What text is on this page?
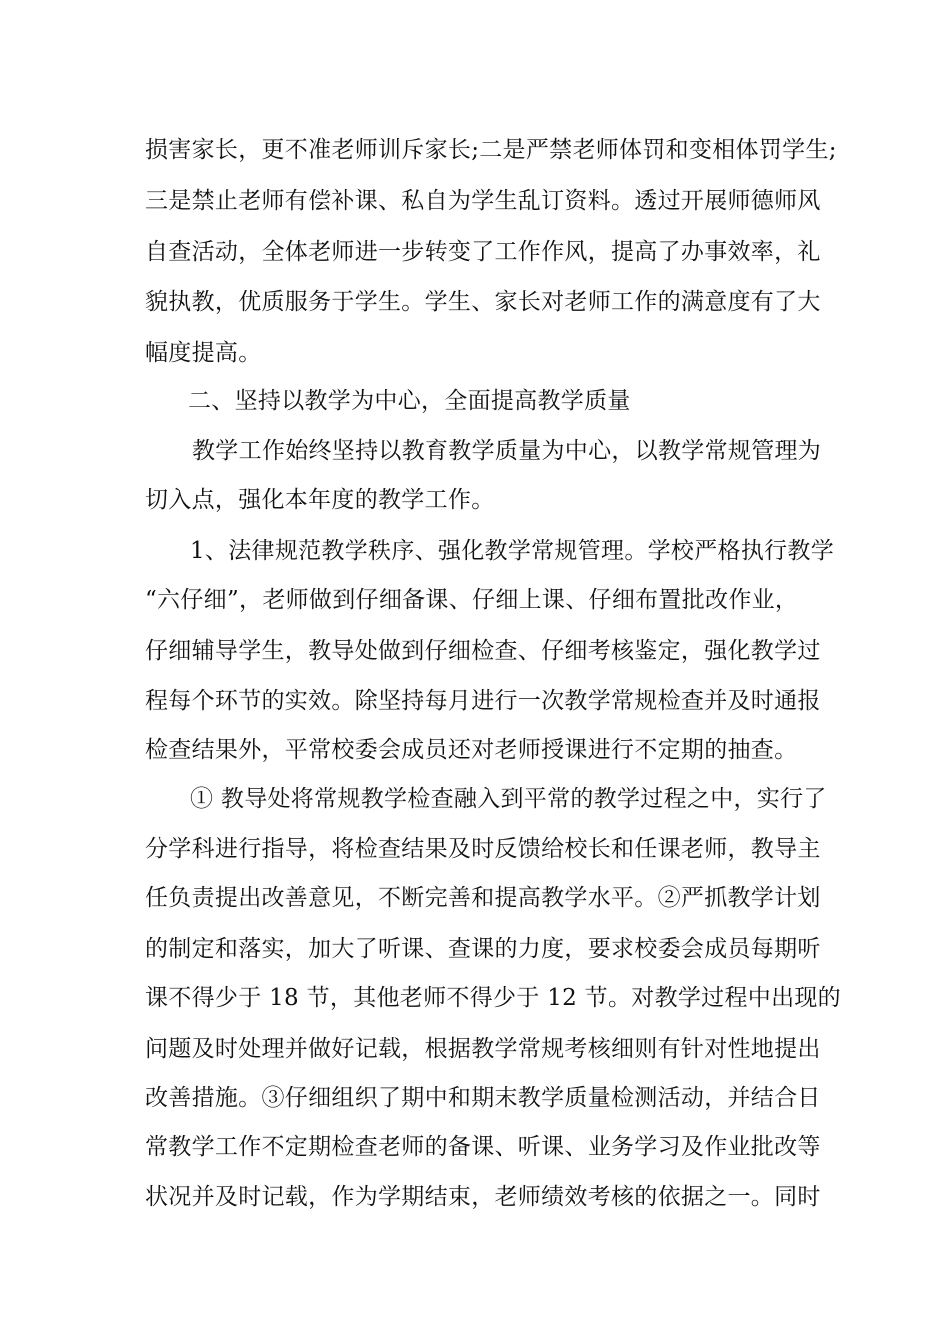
损害家长，更不准老师训斥家长;二是严禁老师体罚和变相体罚学生;
三是禁止老师有偿补课、私自为学生乱订资料。透过开展师德师风
自查活动，全体老师进一步转变了工作作风，提高了办事效率，礼
貌执教，优质服务于学生。学生、家长对老师工作的满意度有了大
幅度提高。
二、坚持以教学为中心，全面提高教学质量
教学工作始终坚持以教育教学质量为中心，以教学常规管理为
切入点，强化本年度的教学工作。
1、法律规范教学秩序、强化教学常规管理。学校严格执行教学
“六仔细”，老师做到仔细备课、仔细上课、仔细布置批改作业，
仔细辅导学生，教导处做到仔细检查、仔细考核鉴定，强化教学过
程每个环节的实效。除坚持每月进行一次教学常规检查并及时通报
检查结果外，平常校委会成员还对老师授课进行不定期的抽查。
① 教导处将常规教学检查融入到平常的教学过程之中，实行了
分学科进行指导，将检查结果及时反馈给校长和任课老师，教导主
任负责提出改善意见，不断完善和提高教学水平。②严抓教学计划
的制定和落实，加大了听课、查课的力度，要求校委会成员每期听
课不得少于 18 节，其他老师不得少于 12 节。对教学过程中出现的
问题及时处理并做好记载，根据教学常规考核细则有针对性地提出
改善措施。③仔细组织了期中和期末教学质量检测活动，并结合日
常教学工作不定期检查老师的备课、听课、业务学习及作业批改等
状况并及时记载，作为学期结束，老师绩效考核的依据之一。同时
